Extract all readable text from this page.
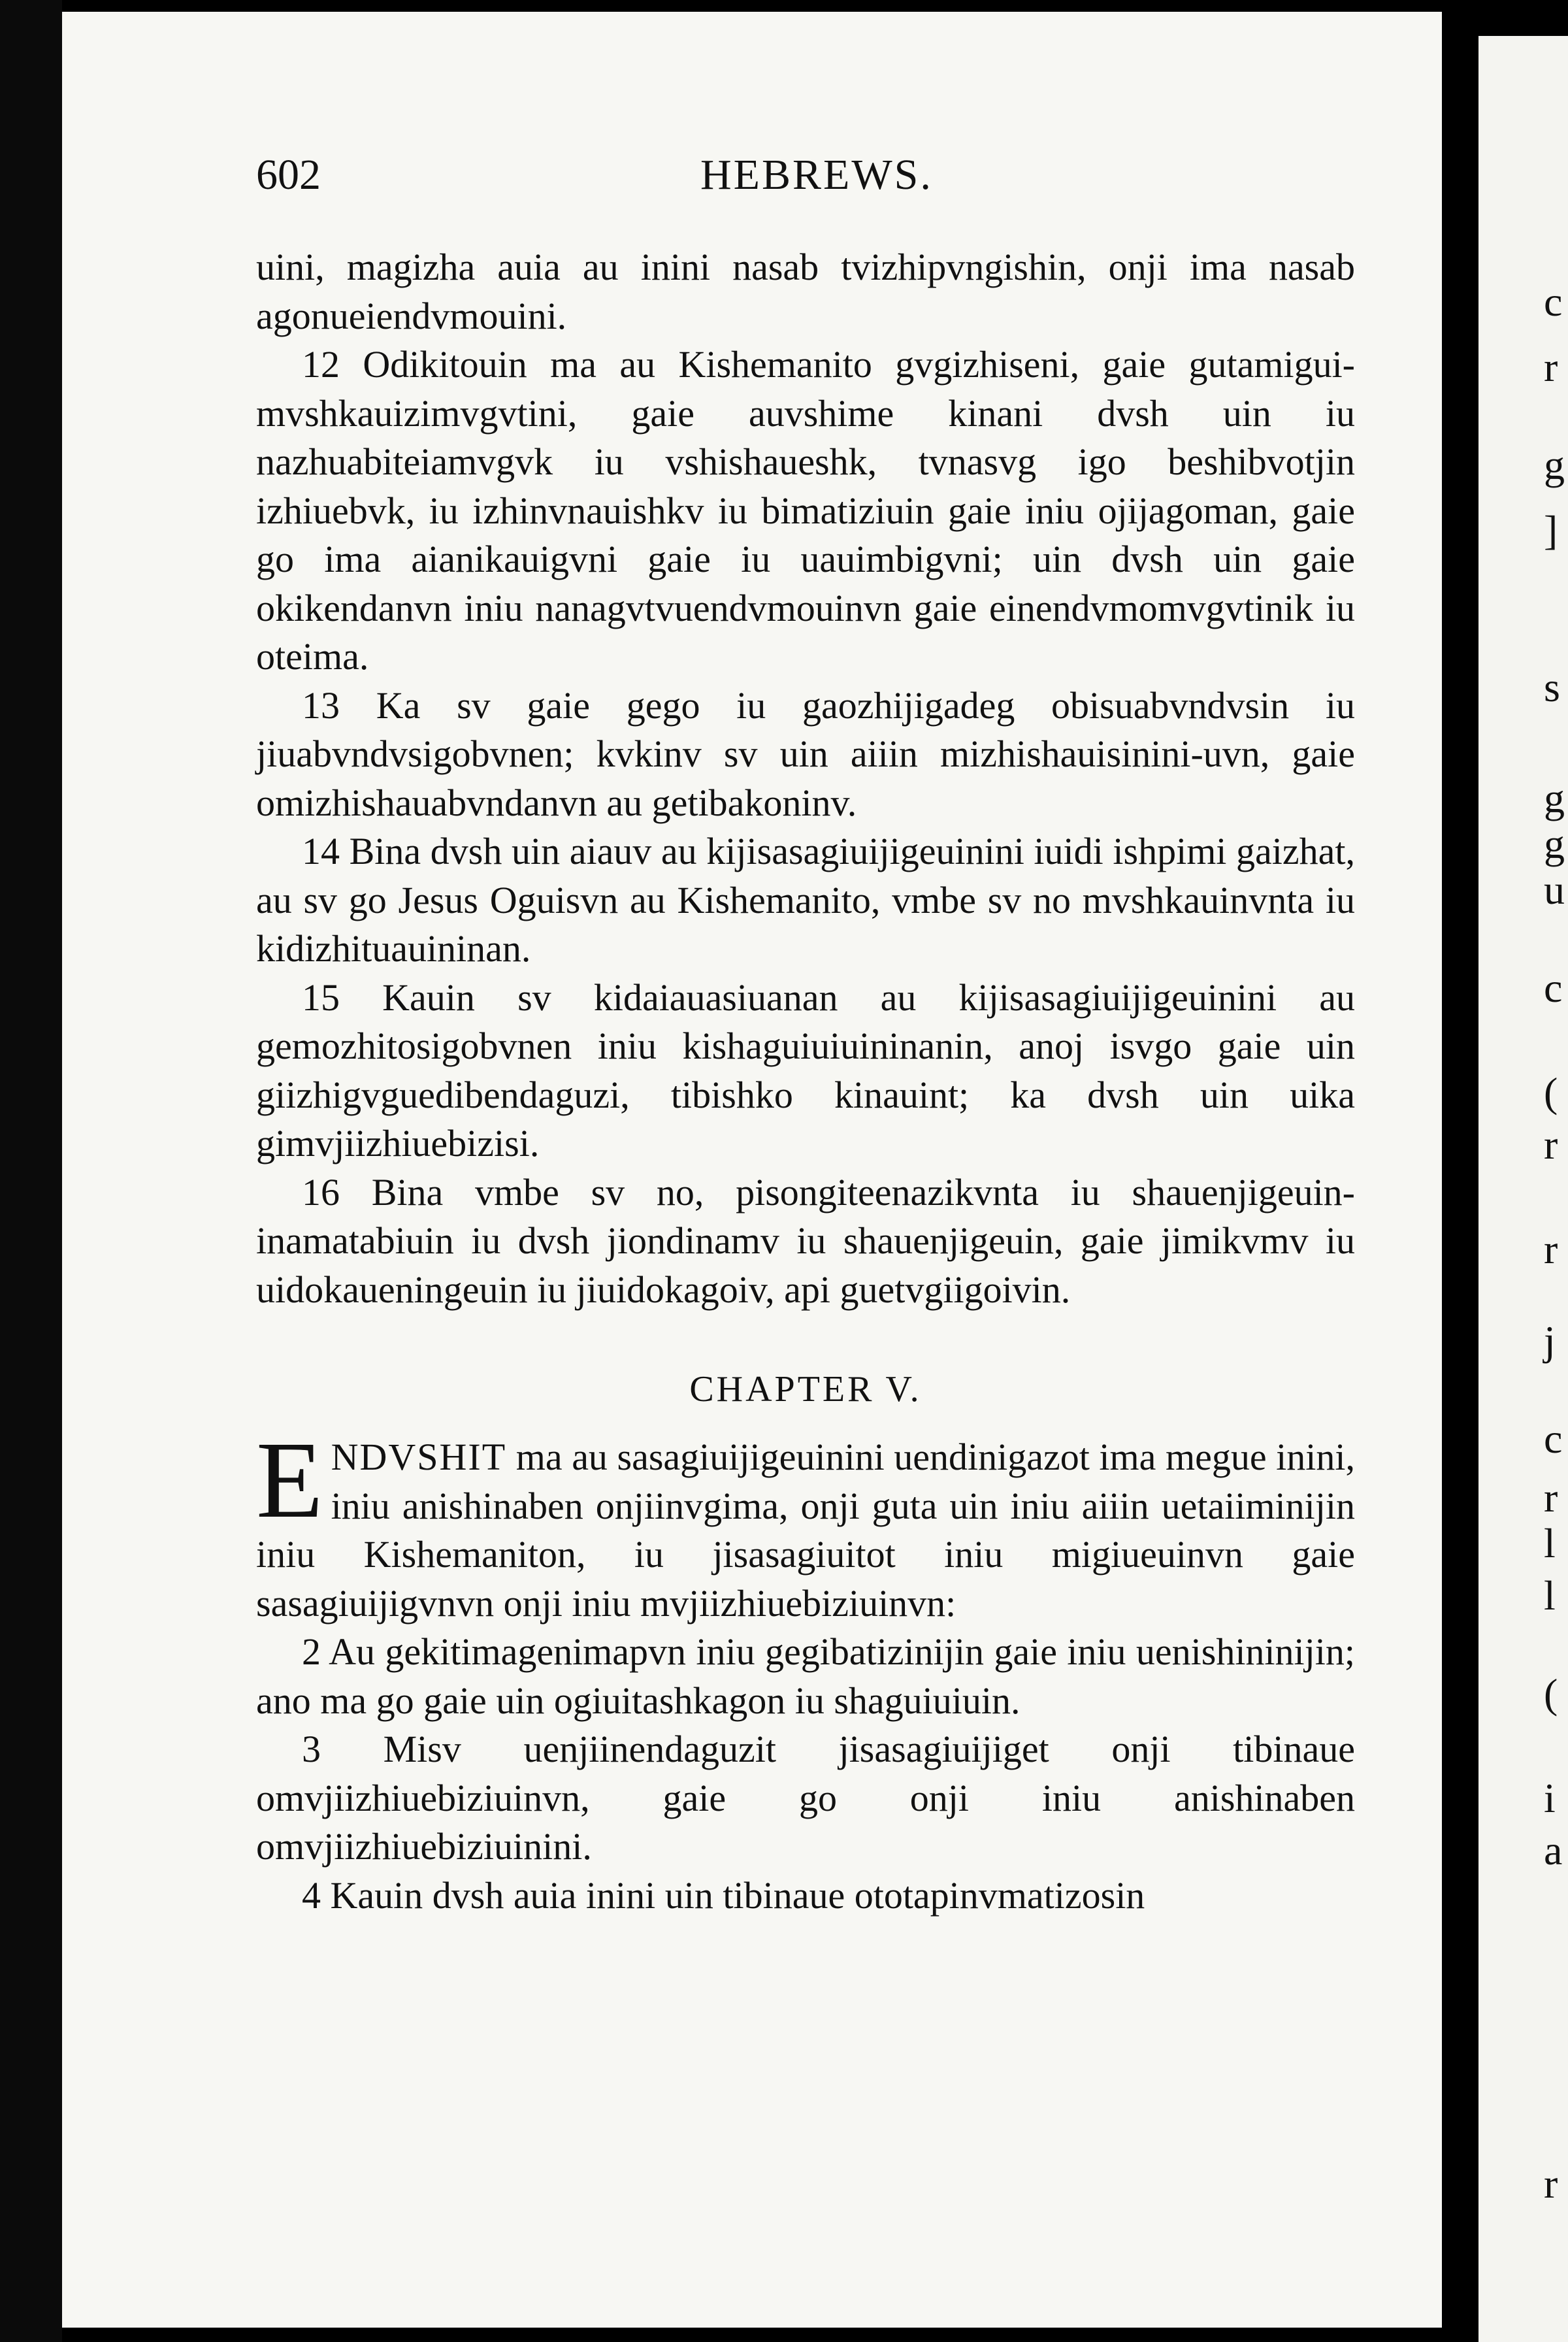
c
r
g
]
s
g
g
u
c
(
r
r
j
c
r
l
l
(
i
a
r
602	HEBREWS.

uini, magizha auia au inini nasab tvizhipvngishin, onji ima nasab agonueiendvmouini.

12 Odikitouin ma au Kishemanito gvgizhiseni, gaie gutamigui-mvshkauizimvgvtini, gaie auvshime kinani dvsh uin iu nazhuabiteiamvgvk iu vshishaueshk, tvnasvg igo beshibvotjin izhiuebvk, iu izhinvnauishkv iu bimatiziuin gaie iniu ojijagoman, gaie go ima aianikauigvni gaie iu uauimbigvni; uin dvsh uin gaie okikendanvn iniu nanagvtvuendvmouinvn gaie einendvmomvgvtinik iu oteima.

13 Ka sv gaie gego iu gaozhijigadeg obisuabvndvsin iu jiuabvndvsigobvnen; kvkinv sv uin aiiin mizhishauisinini-uvn, gaie omizhishauabvndanvn au getibakoninv.

14 Bina dvsh uin aiauv au kijisasagiuijigeuinini iuidi ishpimi gaizhat, au sv go Jesus Oguisvn au Kishemanito, vmbe sv no mvshkauinvnta iu kidizhituauininan.

15 Kauin sv kidaiauasiuanan au kijisasagiuijigeuinini au gemozhitosigobvnen iniu kishaguiuiuininanin, anoj isvgo gaie uin giizhigvguedibendaguzi, tibishko kinauint; ka dvsh uin uika gimvjiizhiuebizisi.

16 Bina vmbe sv no, pisongiteenazikvnta iu shauenjigeuin-inamatabiuin iu dvsh jiondinamv iu shauenjigeuin, gaie jimikvmv iu uidokaueningeuin iu jiuidokagoiv, api guetvgiigoivin.

CHAPTER V.

ENDVSHIT ma au sasagiuijigeuinini uendinigazot ima megue inini, iniu anishinaben onjiinvgima, onji guta uin iniu aiiin uetaiiminijin iniu Kishemaniton, iu jisasagiuitot iniu migiueuinvn gaie sasagiuijigvnvn onji iniu mvjiizhiuebiziuinvn:

2 Au gekitimagenimapvn iniu gegibatizinijin gaie iniu uenishininijin; ano ma go gaie uin ogiuitashkagon iu shaguiuiuin.

3 Misv uenjiinendaguzit jisasagiuijiget onji tibinaue omvjiizhiuebiziuinvn, gaie go onji iniu anishinaben omvjiizhiuebiziuinini.

4 Kauin dvsh auia inini uin tibinaue ototapinvmatizosin
